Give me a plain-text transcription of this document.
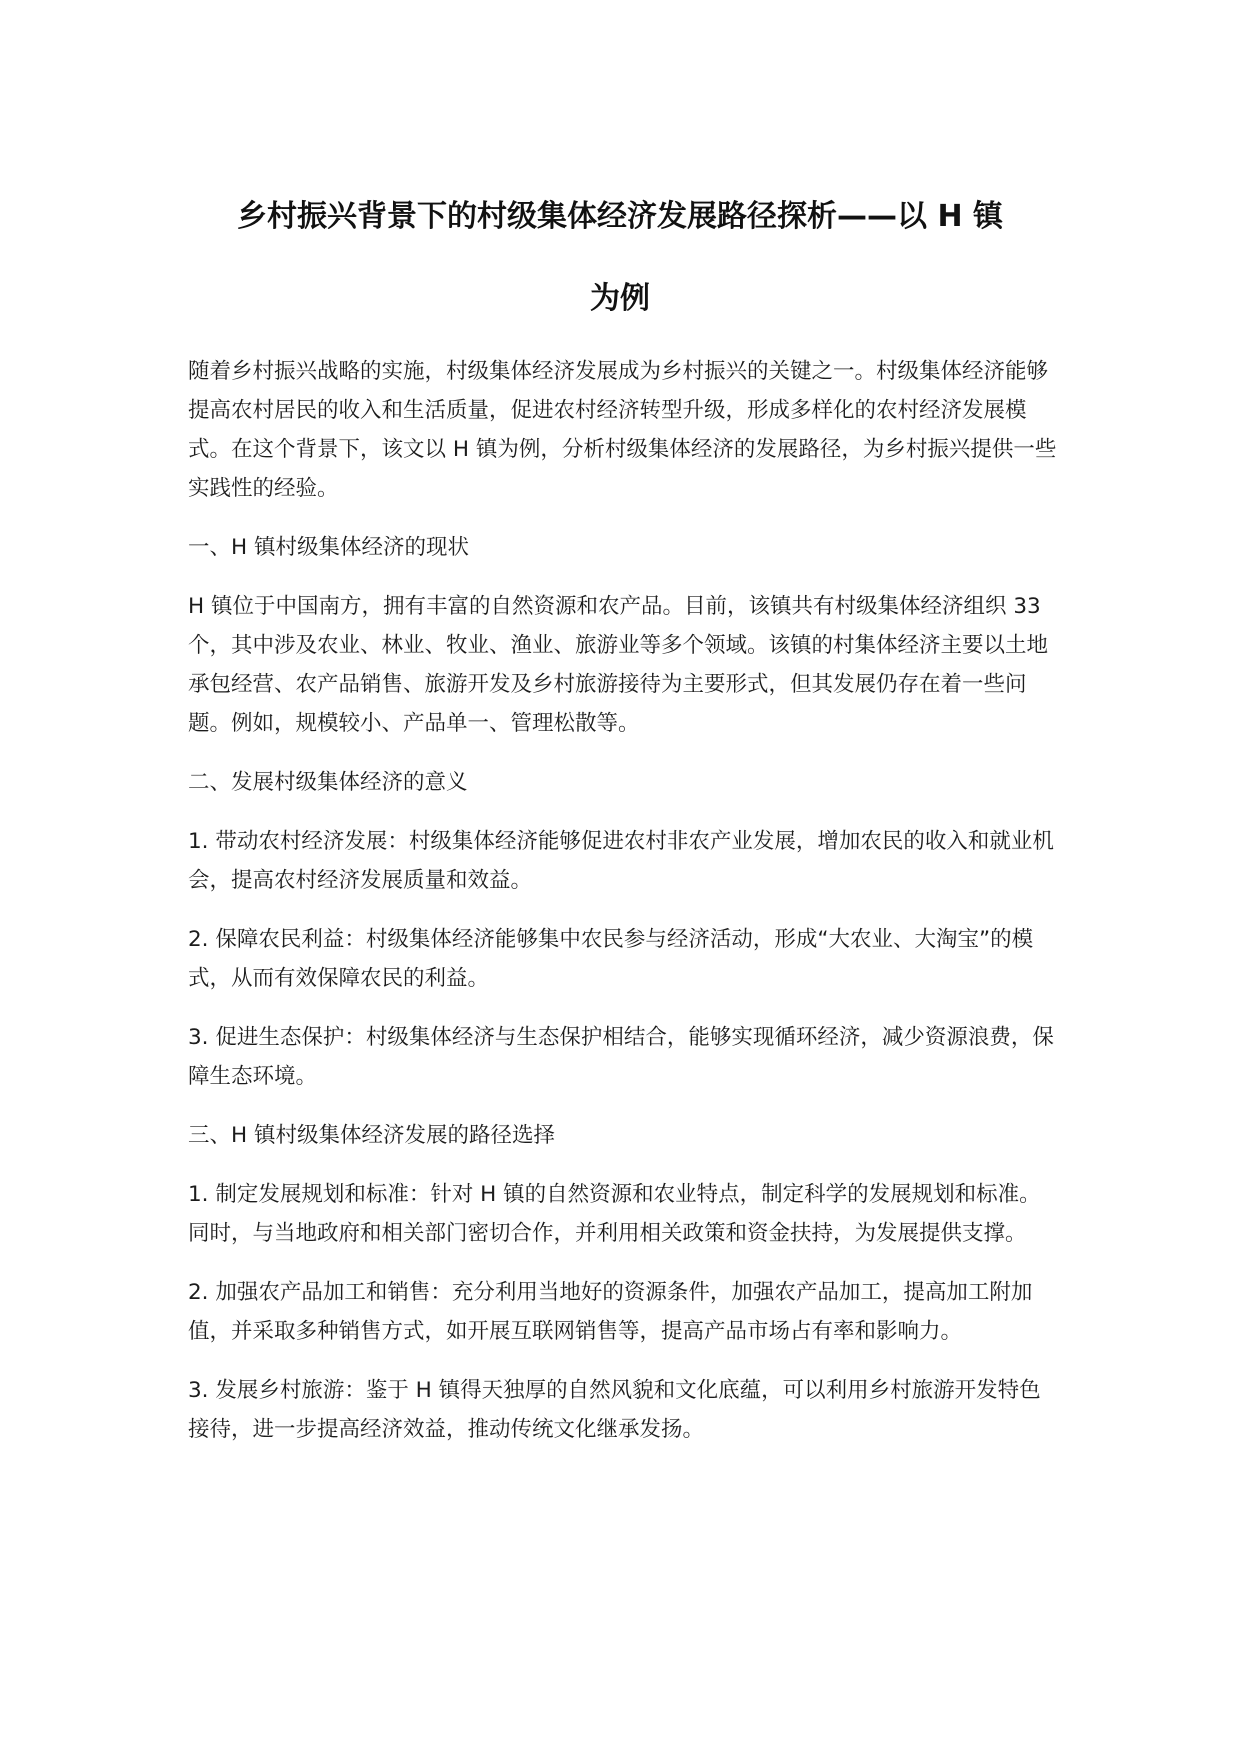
乡村振兴背景下的村级集体经济发展路径探析——以 H 镇
为例

随着乡村振兴战略的实施，村级集体经济发展成为乡村振兴的关键之一。村级集体经济能够提高农村居民的收入和生活质量，促进农村经济转型升级，形成多样化的农村经济发展模式。在这个背景下，该文以 H 镇为例，分析村级集体经济的发展路径，为乡村振兴提供一些实践性的经验。

一、H 镇村级集体经济的现状

H 镇位于中国南方，拥有丰富的自然资源和农产品。目前，该镇共有村级集体经济组织 33 个，其中涉及农业、林业、牧业、渔业、旅游业等多个领域。该镇的村集体经济主要以土地承包经营、农产品销售、旅游开发及乡村旅游接待为主要形式，但其发展仍存在着一些问题。例如，规模较小、产品单一、管理松散等。

二、发展村级集体经济的意义

1. 带动农村经济发展：村级集体经济能够促进农村非农产业发展，增加农民的收入和就业机会，提高农村经济发展质量和效益。

2. 保障农民利益：村级集体经济能够集中农民参与经济活动，形成“大农业、大淘宝”的模式，从而有效保障农民的利益。

3. 促进生态保护：村级集体经济与生态保护相结合，能够实现循环经济，减少资源浪费，保障生态环境。

三、H 镇村级集体经济发展的路径选择

1. 制定发展规划和标准：针对 H 镇的自然资源和农业特点，制定科学的发展规划和标准。同时，与当地政府和相关部门密切合作，并利用相关政策和资金扶持，为发展提供支撑。

2. 加强农产品加工和销售：充分利用当地好的资源条件，加强农产品加工，提高加工附加值，并采取多种销售方式，如开展互联网销售等，提高产品市场占有率和影响力。

3. 发展乡村旅游：鉴于 H 镇得天独厚的自然风貌和文化底蕴，可以利用乡村旅游开发特色接待，进一步提高经济效益，推动传统文化继承发扬。
